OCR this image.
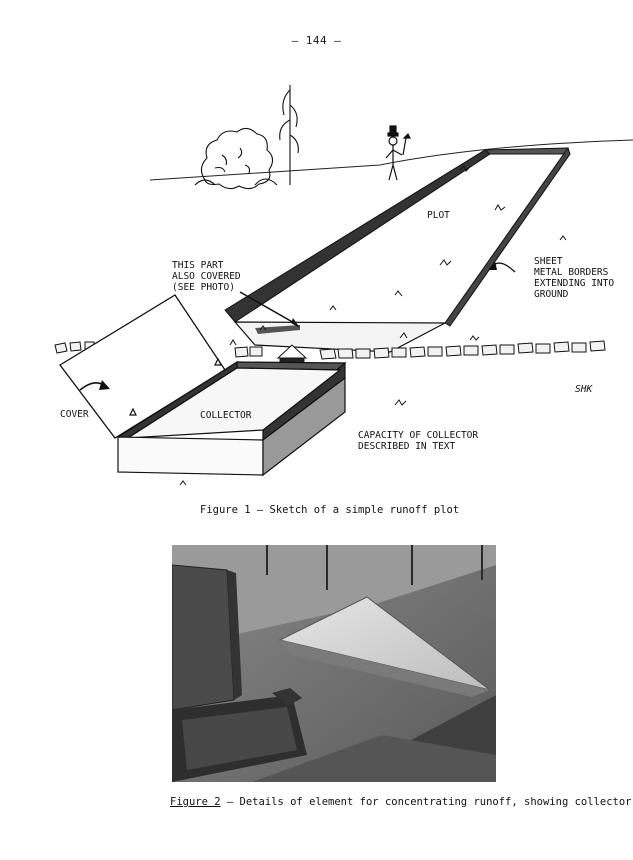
– 144 –
PLOT
THIS PART
ALSO COVERED
(SEE PHOTO)
SHEET
METAL BORDERS
EXTENDING INTO
GROUND
COVER	COLLECTOR
CAPACITY OF COLLECTOR
DESCRIBED IN TEXT
SHK
Figure 1 – Sketch of a simple runoff plot
Figure 2 – Details of element for concentrating runoff, showing collector
